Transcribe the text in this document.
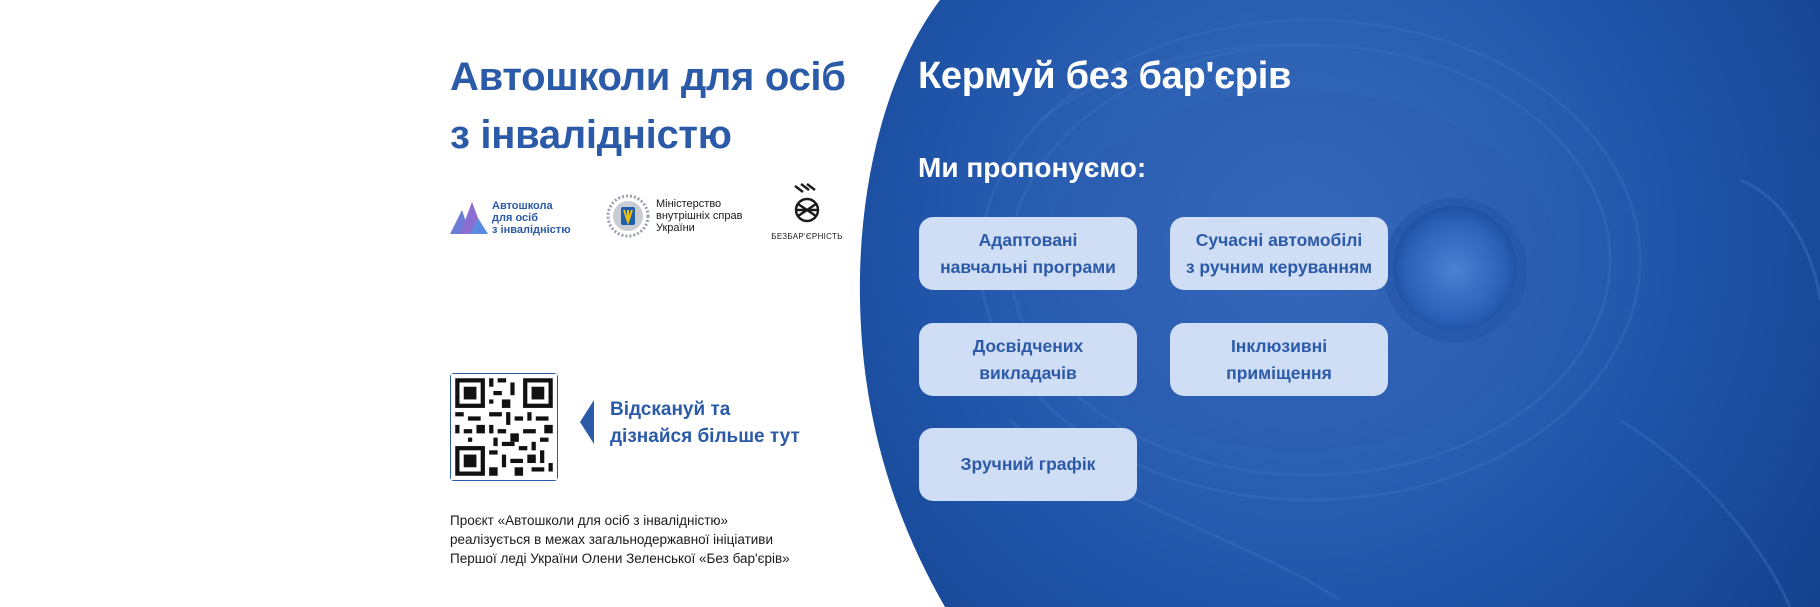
Автошколи для осіб
з інвалідністю
Автошкола
для осіб
з інвалідністю
Міністерство
внутрішніх справ
України
БЕЗБАР'ЄРНІСТЬ
Відскануй та
дізнайся більше тут
Проєкт «Автошколи для осіб з інвалідністю»
реалізується в межах загальнодержавної ініціативи
Першої леді України Олени Зеленської «Без бар'єрів»
Кермуй без бар'єрів
Ми пропонуємо:
Адаптовані
навчальні програми
Сучасні автомобілі
з ручним керуванням
Досвідчених
викладачів
Інклюзивні
приміщення
Зручний графік
